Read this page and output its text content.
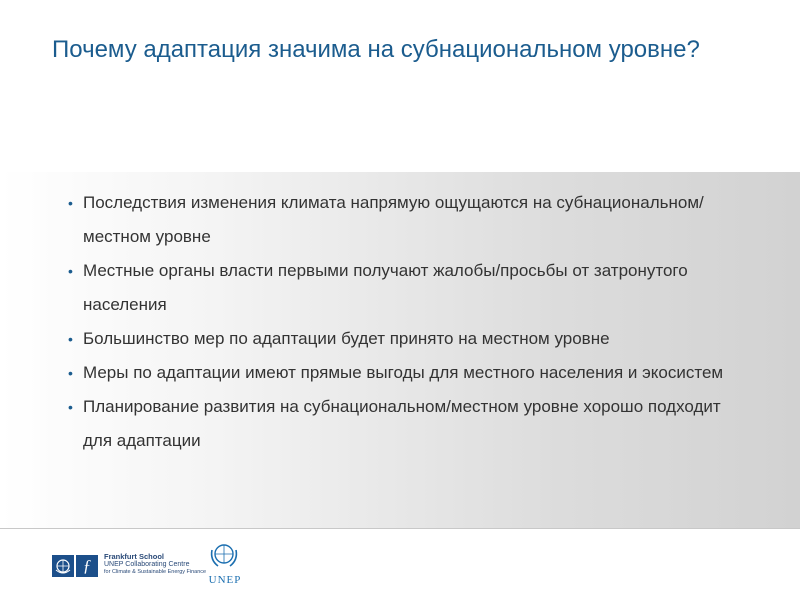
Почему адаптация значима на субнациональном уровне?
• Последствия изменения климата напрямую ощущаются на субнациональном/местном уровне
• Местные органы власти первыми получают жалобы/просьбы от затронутого населения
• Большинство мер по адаптации будет принято на местном уровне
• Меры по адаптации имеют прямые выгоды для местного населения и экосистем
• Планирование развития на субнациональном/местном уровне хорошо подходит для адаптации
ƒ	Frankfurt School
UNEP Collaborating Centre
for Climate & Sustainable Energy Finance
UNEP
